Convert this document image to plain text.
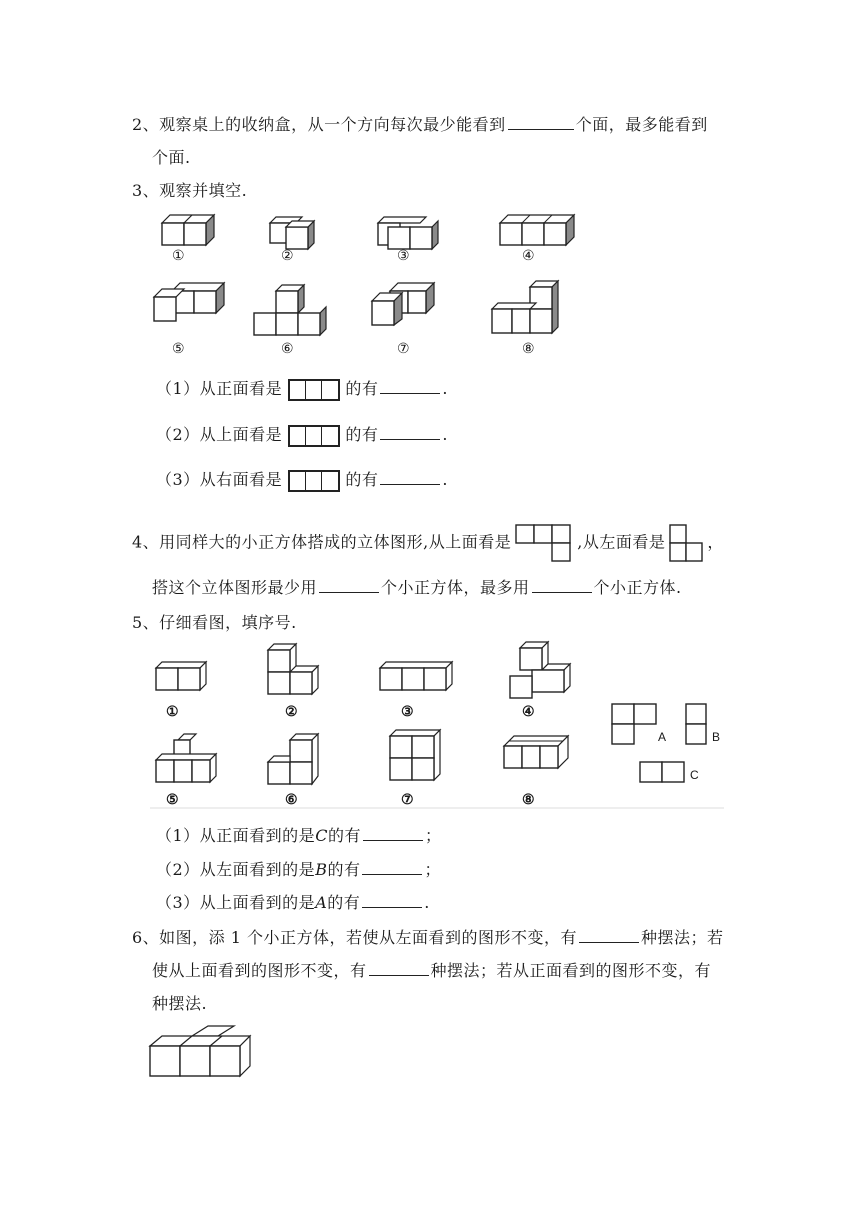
2、观察桌上的收纳盒，从一个方向每次最少能看到	个面，最多能看到
个面.
3、观察并填空.
①	②	③	④
⑤	⑥	⑦	⑧
（1）从正面看是	的有	.
（2）从上面看是	的有	.
（3）从右面看是	的有	.
4、用同样大的小正方体搭成的立体图形,从上面看是	,从左面看是	，
搭这个立体图形最少用	个小正方体，最多用	个小正方体.
5、仔细看图，填序号.
A	B
C
①	②	③	④
⑤	⑥	⑦	⑧
（1）从正面看到的是C的有	；
（2）从左面看到的是B的有	；
（3）从上面看到的是A的有	.
6、如图，添 1 个小正方体，若使从左面看到的图形不变，有	种摆法；若
使从上面看到的图形不变，有	种摆法；若从正面看到的图形不变，有
种摆法.
